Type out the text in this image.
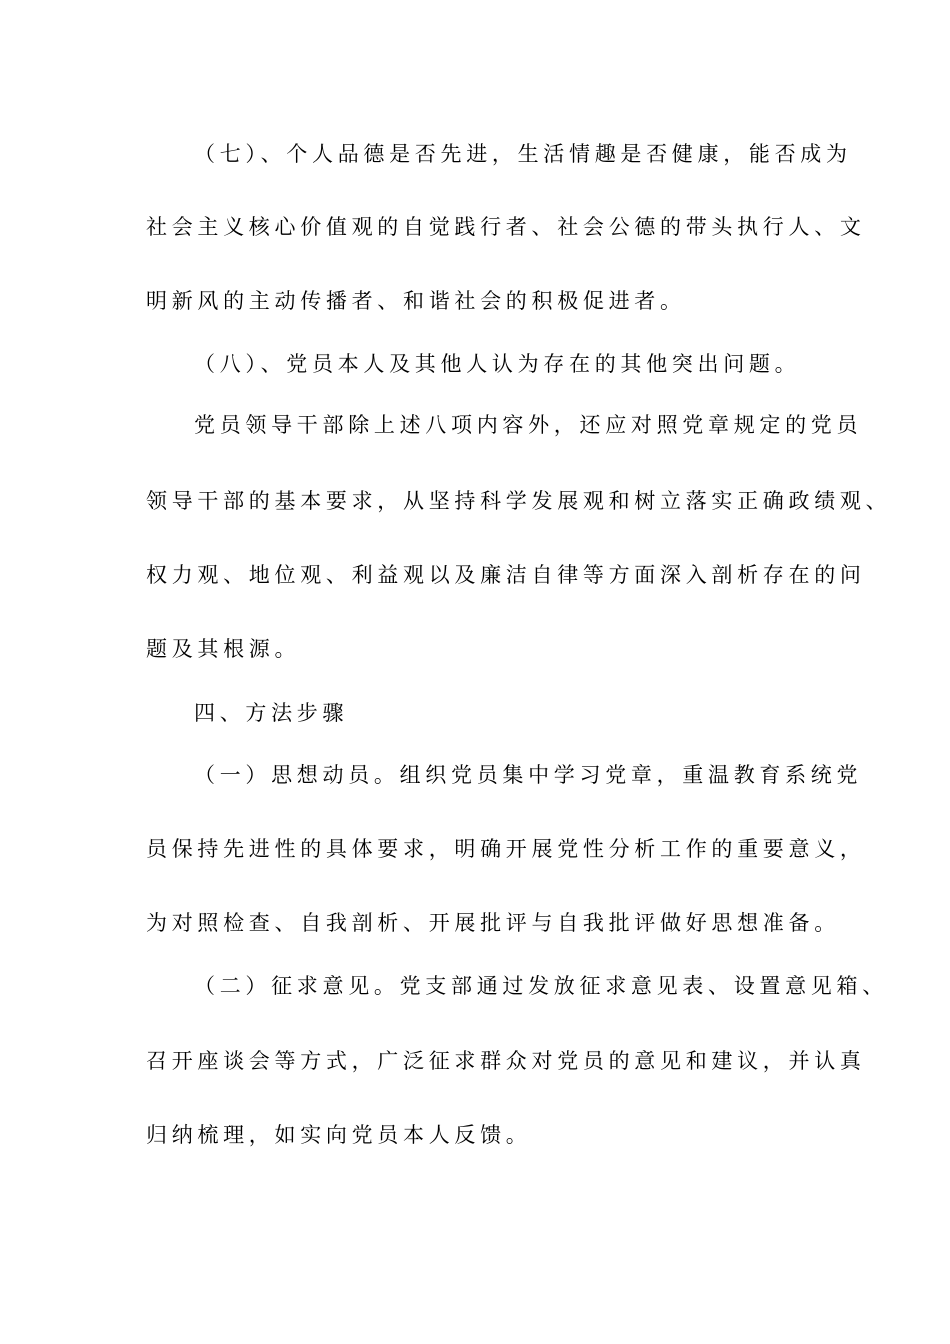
（七）、个人品德是否先进，生活情趣是否健康，能否成为
社会主义核心价值观的自觉践行者、社会公德的带头执行人、文
明新风的主动传播者、和谐社会的积极促进者。
（八）、党员本人及其他人认为存在的其他突出问题。
党员领导干部除上述八项内容外，还应对照党章规定的党员
领导干部的基本要求，从坚持科学发展观和树立落实正确政绩观、
权力观、地位观、利益观以及廉洁自律等方面深入剖析存在的问
题及其根源。
四、方法步骤
（一）思想动员。组织党员集中学习党章，重温教育系统党
员保持先进性的具体要求，明确开展党性分析工作的重要意义，
为对照检查、自我剖析、开展批评与自我批评做好思想准备。
（二）征求意见。党支部通过发放征求意见表、设置意见箱、
召开座谈会等方式，广泛征求群众对党员的意见和建议，并认真
归纳梳理，如实向党员本人反馈。
